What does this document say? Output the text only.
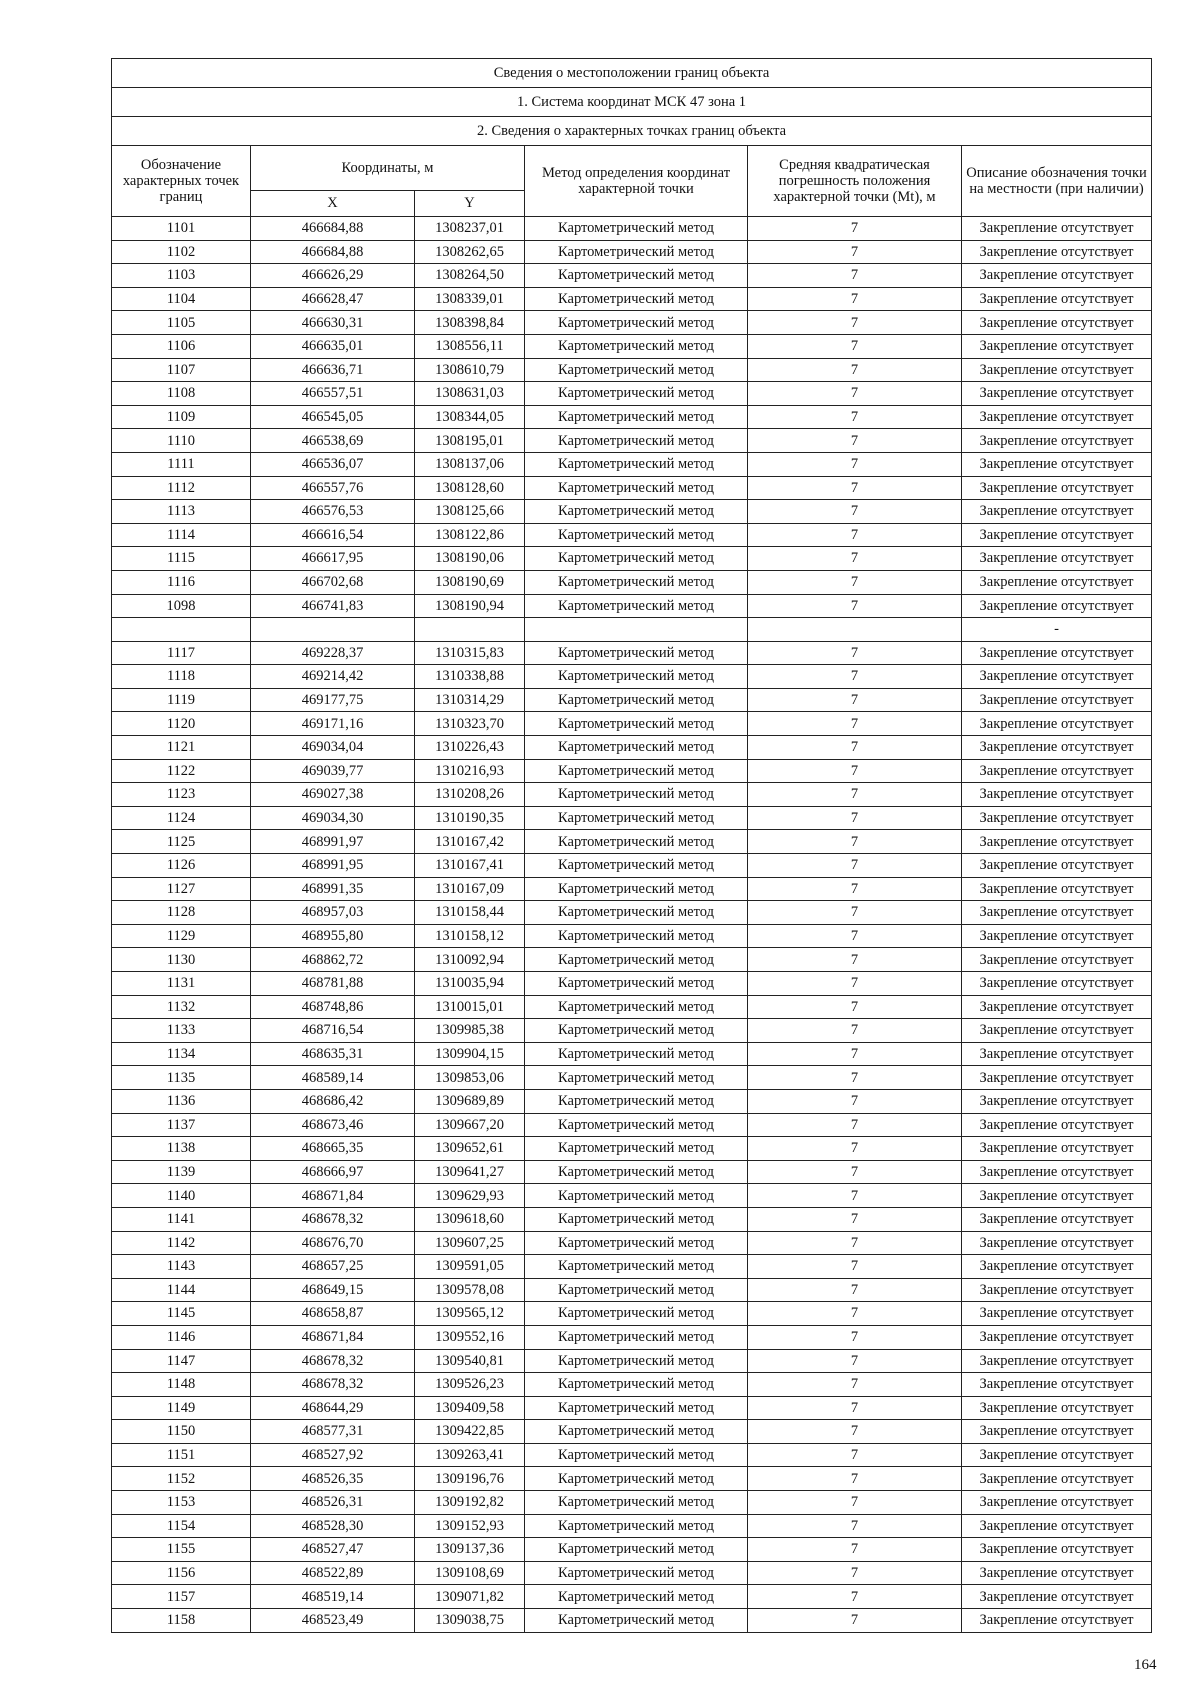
Сведения о местоположении границ объекта					
1. Система координат МСК 47 зона 1					
2. Сведения о характерных точках границ объекта					
Обозначение характерных точек границ	Координаты, м		Метод определения координат характерной точки	Средняя квадратическая погрешность положения характерной точки (Mt), м	Описание обозначения точки на местности (при наличии)
	X	Y			
1101	466684,88	1308237,01	Картометрический метод	7	Закрепление отсутствует
1102	466684,88	1308262,65	Картометрический метод	7	Закрепление отсутствует
1103	466626,29	1308264,50	Картометрический метод	7	Закрепление отсутствует
1104	466628,47	1308339,01	Картометрический метод	7	Закрепление отсутствует
1105	466630,31	1308398,84	Картометрический метод	7	Закрепление отсутствует
1106	466635,01	1308556,11	Картометрический метод	7	Закрепление отсутствует
1107	466636,71	1308610,79	Картометрический метод	7	Закрепление отсутствует
1108	466557,51	1308631,03	Картометрический метод	7	Закрепление отсутствует
1109	466545,05	1308344,05	Картометрический метод	7	Закрепление отсутствует
1110	466538,69	1308195,01	Картометрический метод	7	Закрепление отсутствует
1111	466536,07	1308137,06	Картометрический метод	7	Закрепление отсутствует
1112	466557,76	1308128,60	Картометрический метод	7	Закрепление отсутствует
1113	466576,53	1308125,66	Картометрический метод	7	Закрепление отсутствует
1114	466616,54	1308122,86	Картометрический метод	7	Закрепление отсутствует
1115	466617,95	1308190,06	Картометрический метод	7	Закрепление отсутствует
1116	466702,68	1308190,69	Картометрический метод	7	Закрепление отсутствует
1098	466741,83	1308190,94	Картометрический метод	7	Закрепление отсутствует
					-
1117	469228,37	1310315,83	Картометрический метод	7	Закрепление отсутствует
1118	469214,42	1310338,88	Картометрический метод	7	Закрепление отсутствует
1119	469177,75	1310314,29	Картометрический метод	7	Закрепление отсутствует
1120	469171,16	1310323,70	Картометрический метод	7	Закрепление отсутствует
1121	469034,04	1310226,43	Картометрический метод	7	Закрепление отсутствует
1122	469039,77	1310216,93	Картометрический метод	7	Закрепление отсутствует
1123	469027,38	1310208,26	Картометрический метод	7	Закрепление отсутствует
1124	469034,30	1310190,35	Картометрический метод	7	Закрепление отсутствует
1125	468991,97	1310167,42	Картометрический метод	7	Закрепление отсутствует
1126	468991,95	1310167,41	Картометрический метод	7	Закрепление отсутствует
1127	468991,35	1310167,09	Картометрический метод	7	Закрепление отсутствует
1128	468957,03	1310158,44	Картометрический метод	7	Закрепление отсутствует
1129	468955,80	1310158,12	Картометрический метод	7	Закрепление отсутствует
1130	468862,72	1310092,94	Картометрический метод	7	Закрепление отсутствует
1131	468781,88	1310035,94	Картометрический метод	7	Закрепление отсутствует
1132	468748,86	1310015,01	Картометрический метод	7	Закрепление отсутствует
1133	468716,54	1309985,38	Картометрический метод	7	Закрепление отсутствует
1134	468635,31	1309904,15	Картометрический метод	7	Закрепление отсутствует
1135	468589,14	1309853,06	Картометрический метод	7	Закрепление отсутствует
1136	468686,42	1309689,89	Картометрический метод	7	Закрепление отсутствует
1137	468673,46	1309667,20	Картометрический метод	7	Закрепление отсутствует
1138	468665,35	1309652,61	Картометрический метод	7	Закрепление отсутствует
1139	468666,97	1309641,27	Картометрический метод	7	Закрепление отсутствует
1140	468671,84	1309629,93	Картометрический метод	7	Закрепление отсутствует
1141	468678,32	1309618,60	Картометрический метод	7	Закрепление отсутствует
1142	468676,70	1309607,25	Картометрический метод	7	Закрепление отсутствует
1143	468657,25	1309591,05	Картометрический метод	7	Закрепление отсутствует
1144	468649,15	1309578,08	Картометрический метод	7	Закрепление отсутствует
1145	468658,87	1309565,12	Картометрический метод	7	Закрепление отсутствует
1146	468671,84	1309552,16	Картометрический метод	7	Закрепление отсутствует
1147	468678,32	1309540,81	Картометрический метод	7	Закрепление отсутствует
1148	468678,32	1309526,23	Картометрический метод	7	Закрепление отсутствует
1149	468644,29	1309409,58	Картометрический метод	7	Закрепление отсутствует
1150	468577,31	1309422,85	Картометрический метод	7	Закрепление отсутствует
1151	468527,92	1309263,41	Картометрический метод	7	Закрепление отсутствует
1152	468526,35	1309196,76	Картометрический метод	7	Закрепление отсутствует
1153	468526,31	1309192,82	Картометрический метод	7	Закрепление отсутствует
1154	468528,30	1309152,93	Картометрический метод	7	Закрепление отсутствует
1155	468527,47	1309137,36	Картометрический метод	7	Закрепление отсутствует
1156	468522,89	1309108,69	Картометрический метод	7	Закрепление отсутствует
1157	468519,14	1309071,82	Картометрический метод	7	Закрепление отсутствует
1158	468523,49	1309038,75	Картометрический метод	7	Закрепление отсутствует
164
